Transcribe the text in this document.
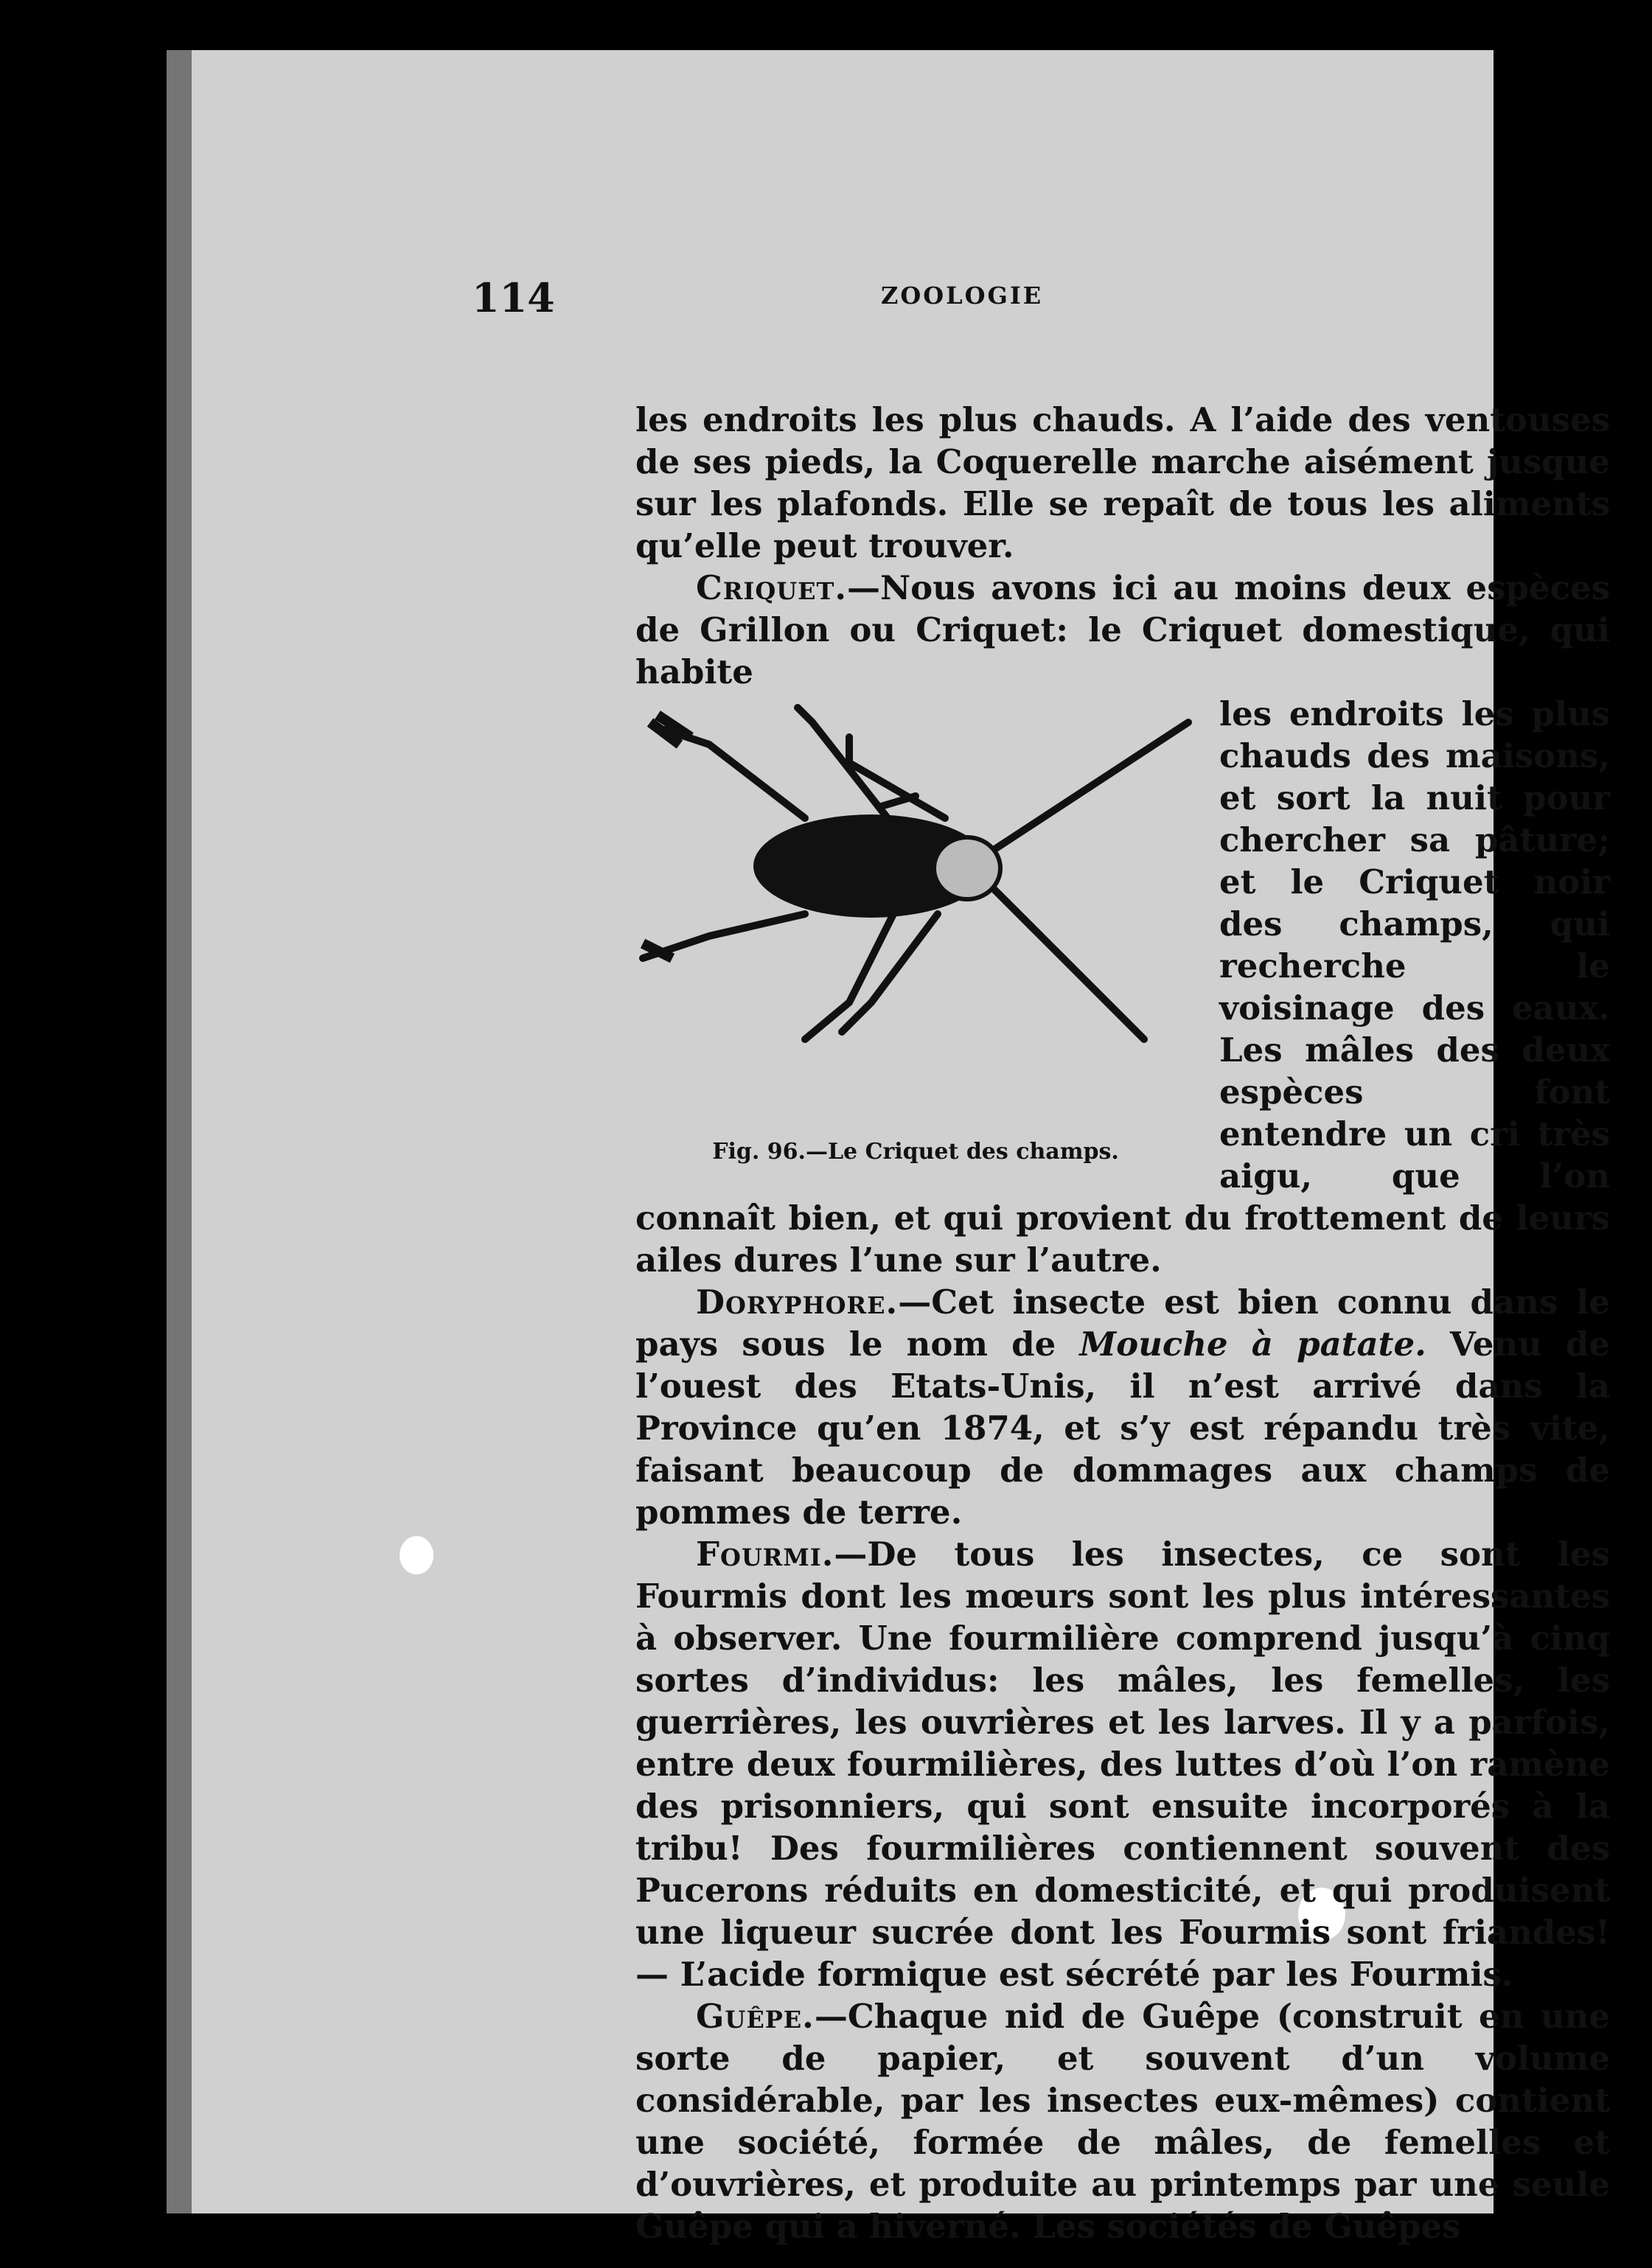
les endroits les plus chauds. A l’aide des ventouses de ses pieds, la Coquerelle marche aisément jusque sur les plafonds. Elle se repaît de tous les aliments qu’elle peut trouver.

Criquet.—Nous avons ici au moins deux espèces de Grillon ou Criquet: le Criquet domestique, qui habite

Fig. 96.—Le Criquet des champs.

les endroits les plus chauds des maisons, et sort la nuit pour chercher sa pâture; et le Criquet noir des champs, qui recherche le voisinage des eaux. Les mâles des deux espèces font entendre un cri très aigu, que l’on connaît bien, et qui provient du frottement de leurs ailes dures l’une sur l’autre.

Doryphore.—Cet insecte est bien connu dans le pays sous le nom de Mouche à patate. Venu de l’ouest des Etats-Unis, il n’est arrivé dans la Province qu’en 1874, et s’y est répandu très vite, faisant beaucoup de dommages aux champs de pommes de terre.

Fourmi.—De tous les insectes, ce sont les Fourmis dont les mœurs sont les plus intéressantes à observer. Une fourmilière comprend jusqu’à cinq sortes d’individus: les mâles, les femelles, les guerrières, les ouvrières et les larves. Il y a parfois, entre deux fourmilières, des luttes d’où l’on ramène des prisonniers, qui sont ensuite incorporés à la tribu! Des fourmilières contiennent souvent des Pucerons réduits en domesticité, et qui produisent une liqueur sucrée dont les Fourmis sont friandes!— L’acide formique est sécrété par les Fourmis.

Guêpe.—Chaque nid de Guêpe (construit en une sorte de papier, et souvent d’un volume considérable, par les insectes eux-mêmes) contient une société, formée de mâles, de femelles et d’ouvrières, et produite au printemps par une seule Guêpe qui a hiverné. Les sociétés de Guêpes

114	ZOOLOGIE
